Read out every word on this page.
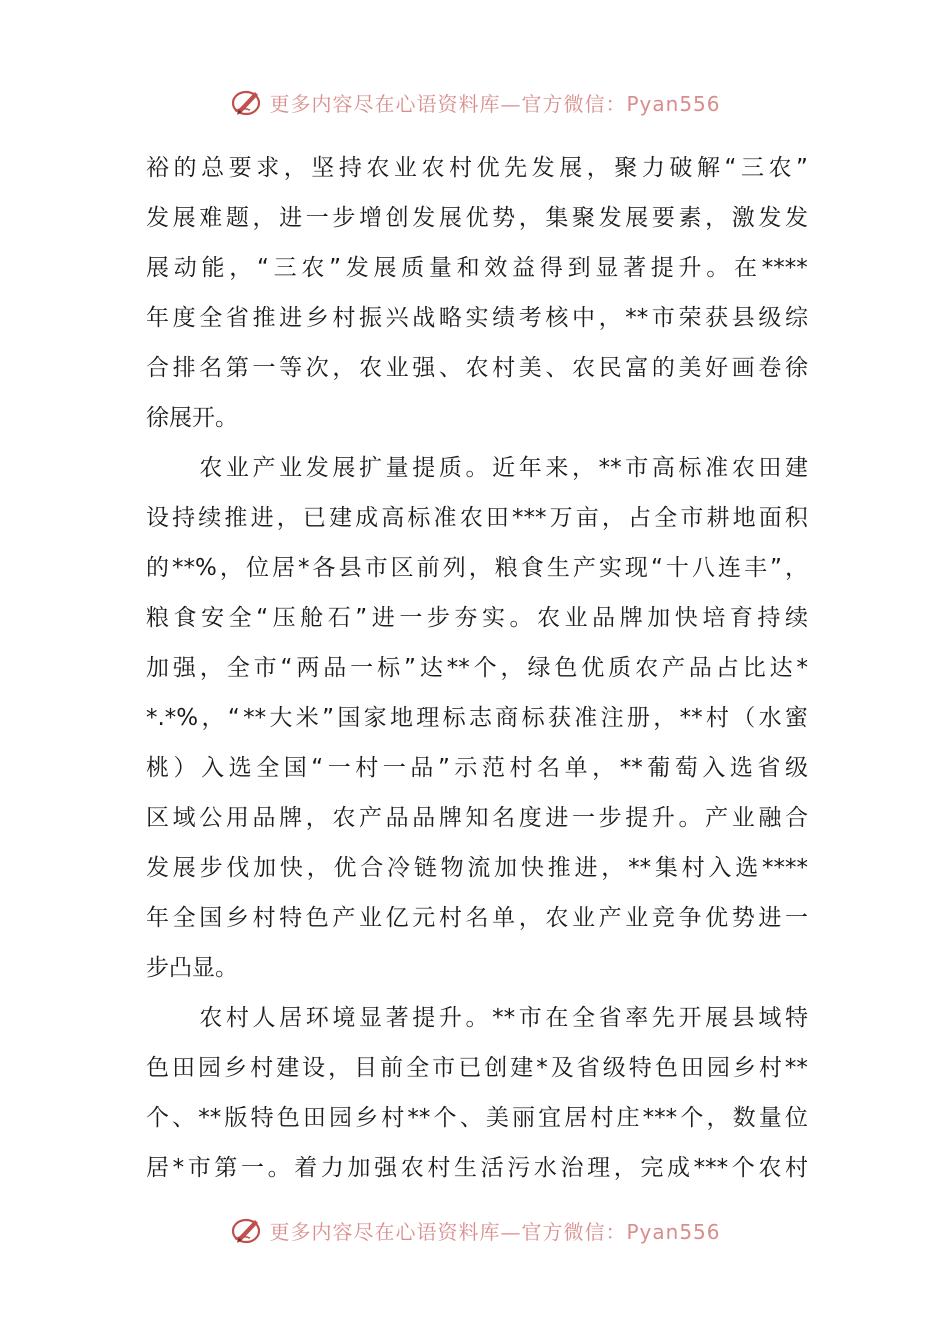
更多内容尽在心语资料库—官方微信：Pyan556
裕 的 总 要 求 ， 坚 持 农 业 农 村 优 先 发 展 ， 聚 力 破 解 “ 三 农 ”
发 展 难 题 ， 进 一 步 增 创 发 展 优 势 ， 集 聚 发 展 要 素 ， 激 发 发
展 动 能 ， “ 三 农 ” 发 展 质 量 和 效 益 得 到 显 著 提 升 。 在 ****
年 度 全 省 推 进 乡 村 振 兴 战 略 实 绩 考 核 中 ， ** 市 荣 获 县 级 综
合 排 名 第 一 等 次 ， 农 业 强 、 农 村 美 、 农 民 富 的 美 好 画 卷 徐
徐 展 开 。

农 业 产 业 发 展 扩 量 提 质 。 近 年 来 ， ** 市 高 标 准 农 田 建
设 持 续 推 进 ， 已 建 成 高 标 准 农 田 *** 万 亩 ， 占 全 市 耕 地 面 积
的 **% ， 位 居 * 各 县 市 区 前 列 ， 粮 食 生 产 实 现 “ 十 八 连 丰 ” ，
粮 食 安 全 “ 压 舱 石 ” 进 一 步 夯 实 。 农 业 品 牌 加 快 培 育 持 续
加 强 ， 全 市 “ 两 品 一 标 ” 达 ** 个 ， 绿 色 优 质 农 产 品 占 比 达 *
*.*% ， “ ** 大 米 ” 国 家 地 理 标 志 商 标 获 准 注 册 ， ** 村 （ 水 蜜
桃 ） 入 选 全 国 “ 一 村 一 品 ” 示 范 村 名 单 ， ** 葡 萄 入 选 省 级
区 域 公 用 品 牌 ， 农 产 品 品 牌 知 名 度 进 一 步 提 升 。 产 业 融 合
发 展 步 伐 加 快 ， 优 合 冷 链 物 流 加 快 推 进 ， ** 集 村 入 选 ****
年 全 国 乡 村 特 色 产 业 亿 元 村 名 单 ， 农 业 产 业 竞 争 优 势 进 一
步 凸 显 。

农 村 人 居 环 境 显 著 提 升 。 ** 市 在 全 省 率 先 开 展 县 域 特
色 田 园 乡 村 建 设 ， 目 前 全 市 已 创 建 * 及 省 级 特 色 田 园 乡 村 **
个 、 ** 版 特 色 田 园 乡 村 ** 个 、 美 丽 宜 居 村 庄 *** 个 ， 数 量 位
居 * 市 第 一 。 着 力 加 强 农 村 生 活 污 水 治 理 ， 完 成 *** 个 农 村
更多内容尽在心语资料库—官方微信：Pyan556
